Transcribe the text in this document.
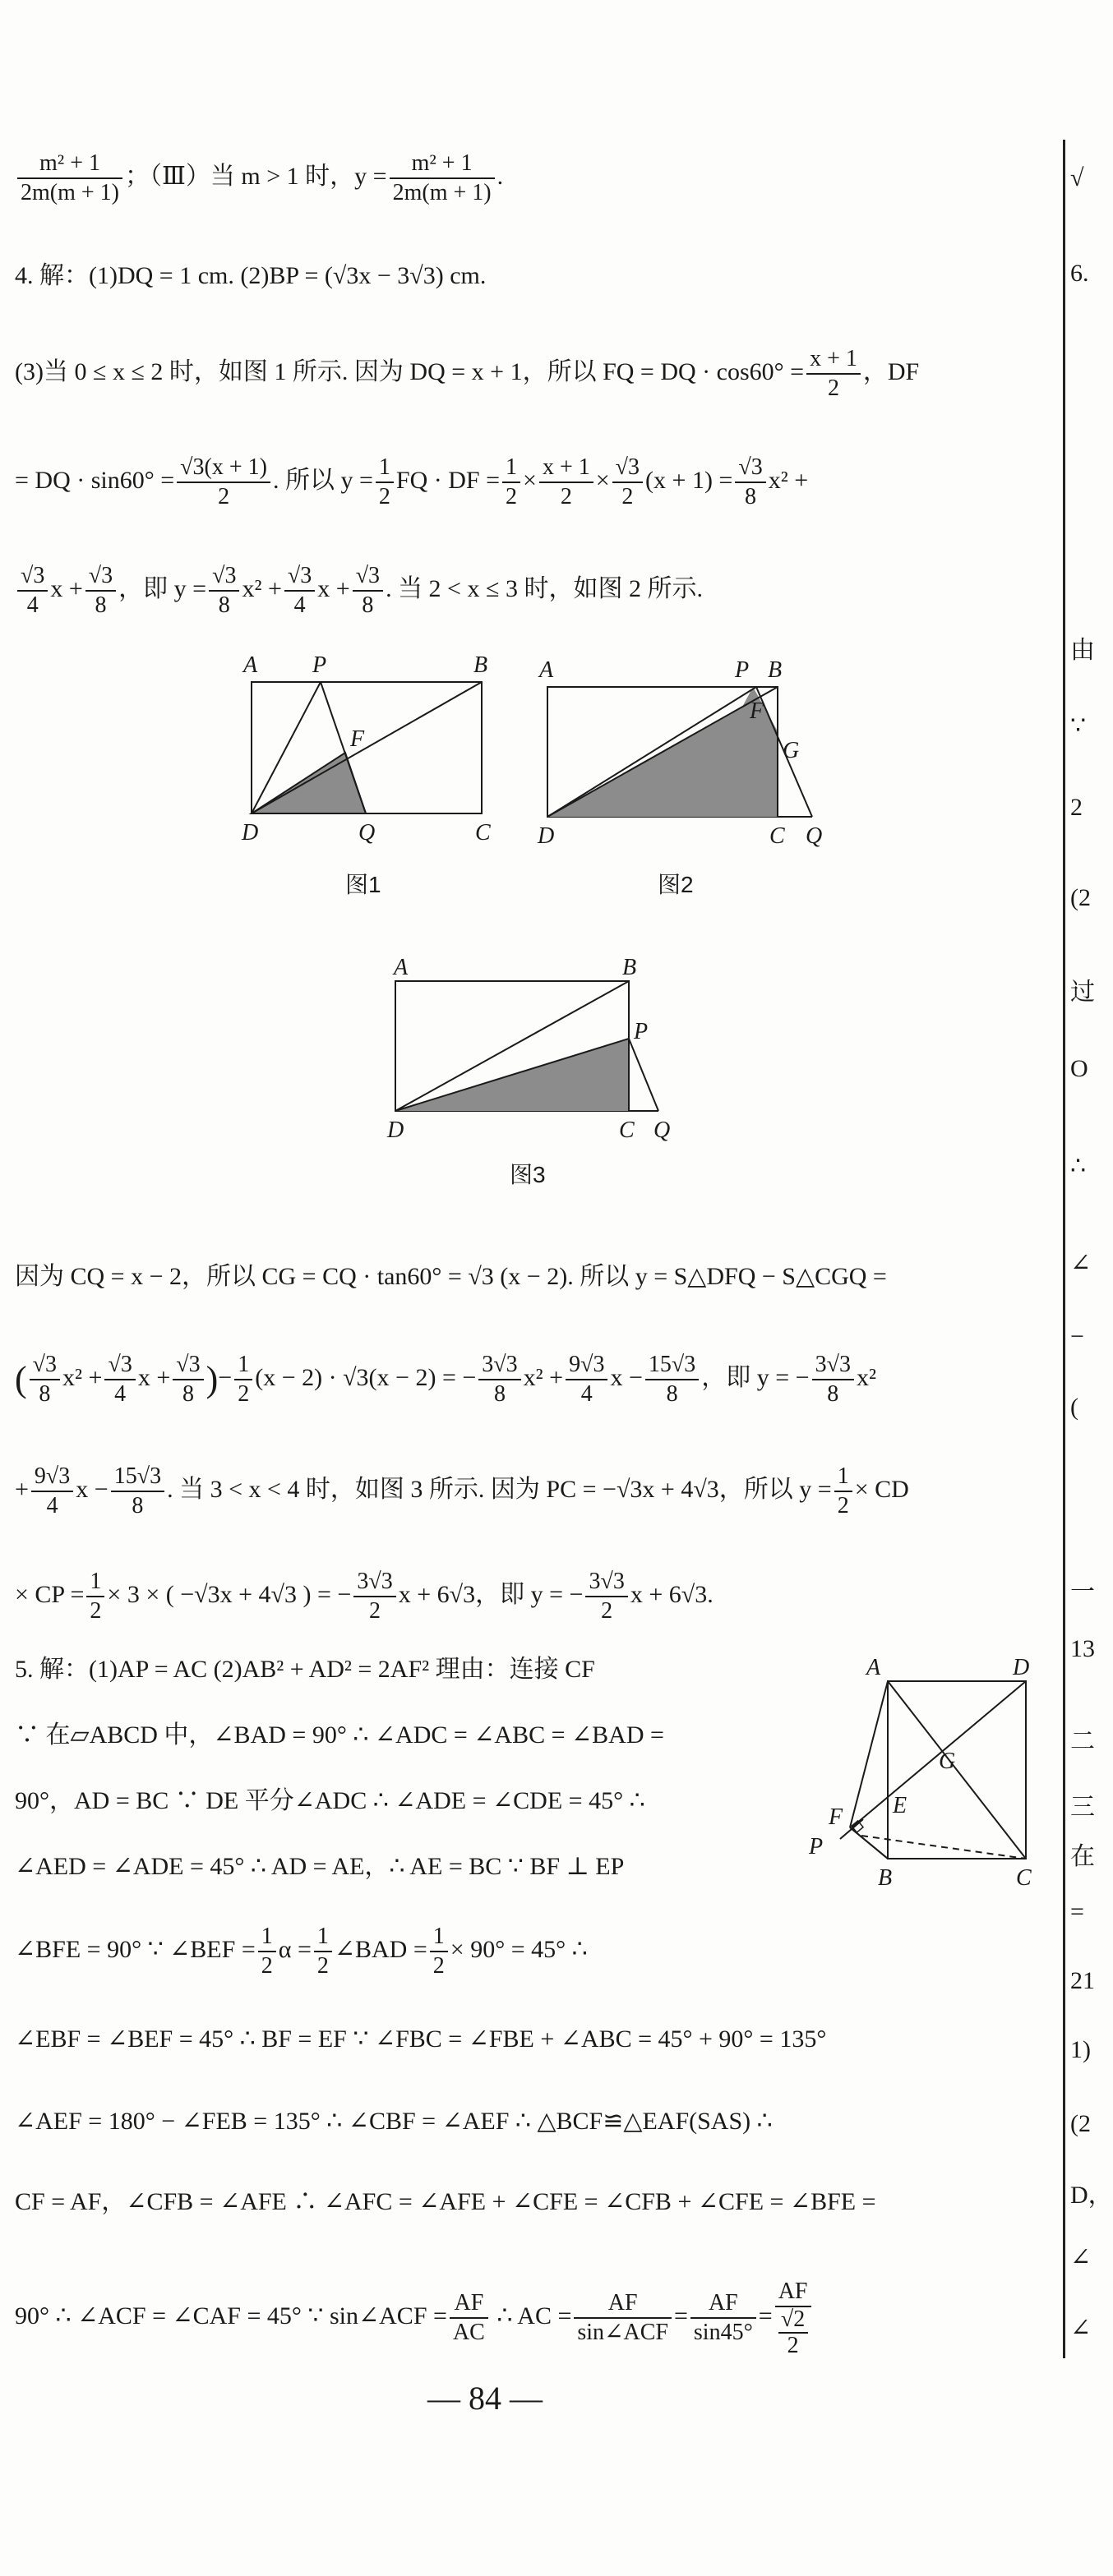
$\frac{\text{m² + 1}}{2m(m + 1)}$ ；（Ⅲ）当 m > 1 时，$y = \frac{\text{m² + 1}}{2m(m + 1)}$ .
4. 解：(1)DQ = 1 cm. (2)BP = (√3x − 3√3) cm.
(3)当 0 ≤ x ≤ 2 时，如图 1 所示. 因为 DQ = x + 1，所以 FQ = DQ · $\cos 60^\circ = \frac{x + 1}{2}$ ，DF
= DQ · $\sin 60^\circ = \frac{√3(x + 1)}{2}$ . 所以 $y = \frac{1}{2}$ FQ · DF = $\frac{1}{2} \times \frac{x + 1}{2} \times \frac{√3}{2} (x + 1) = \frac{√3}{8} x^2$ +
$\frac{√3}{4}$ $x + \frac{√3}{8}$ ，即 $y = \frac{√3}{8} x^2 + \frac{√3}{4}$ $x + \frac{√3}{8}$ . 当 2 < x ≤ 3 时，如图 2 所示.
A P	B
F
D	Q	C
图1
A	P B
F
G
D	C Q
图2
A	B
P
D	C Q
图3
因为 CQ = x − 2，所以 CG = CQ · tan60° = √3 (x − 2). 所以 y = S△DFQ − S△CGQ =
( $\frac{√3}{8} x^2 + \frac{√3}{4}$ $x + \frac{√3}{8}$ )− $\frac{1}{2} (x - 2) \cdot √3(x - 2)$ = − $\frac{3√3}{8} x^2 + \frac{9√3}{4}$ $x - \frac{15√3}{8}$ ，即 y = − $\frac{3√3}{8} x^2$
+ $\frac{9√3}{4}$ $x - \frac{15√3}{8}$ . 当 3 < x < 4 时，如图 3 所示. 因为 PC = −√3x + 4√3，所以 $y = \frac{1}{2}$ × CD
× CP = $\frac{1}{2} \times 3$ × ( −√3x + 4√3 ) = − $\frac{3√3}{2}$ x + 6√3，即 y = − $\frac{3√3}{2}$ x + 6√3.
5. 解：(1)AP = AC (2)AB² + AD² = 2AF² 理由：连接 CF
∵ 在▱ABCD 中，∠BAD = 90° ∴ ∠ADC = ∠ABC = ∠BAD =
90°，AD = BC ∵ DE 平分∠ADC ∴ ∠ADE = ∠CDE = 45° ∴
∠AED = ∠ADE = 45° ∴ AD = AE，∴ AE = BC ∵ BF ⊥ EP
∠BFE = 90° ∵ ∠BEF = $\frac{1}{2}$ $\alpha = \frac{1}{2}$ ∠BAD = $\frac{1}{2} \times 90^\circ = 45^\circ$ ∴
∠EBF = ∠BEF = 45° ∴ BF = EF ∵ ∠FBC = ∠FBE + ∠ABC = 45° + 90° = 135°
∠AEF = 180° − ∠FEB = 135° ∴ ∠CBF = ∠AEF ∴ △BCF≌△EAF(SAS) ∴
CF = AF，∠CFB = ∠AFE ∴ ∠AFC = ∠AFE + ∠CFE = ∠CFB + ∠CFE = ∠BFE =
90° ∴ ∠ACF = ∠CAF = 45° ∵ sin∠ACF = $\frac{AF}{AC}$ ∴ AC = $\frac{AF}{\text{sin∠ACF}} = \frac{AF}{\sin 45^\circ}$ = AF
√2
2
A	D
G
E
F
P
B	C
— 84 —
√
6.
由
∵
2
(2
过
O
∴
∠
−
(
一
13
二
三
在
=
21
1)
(2
D，
∠
∠
